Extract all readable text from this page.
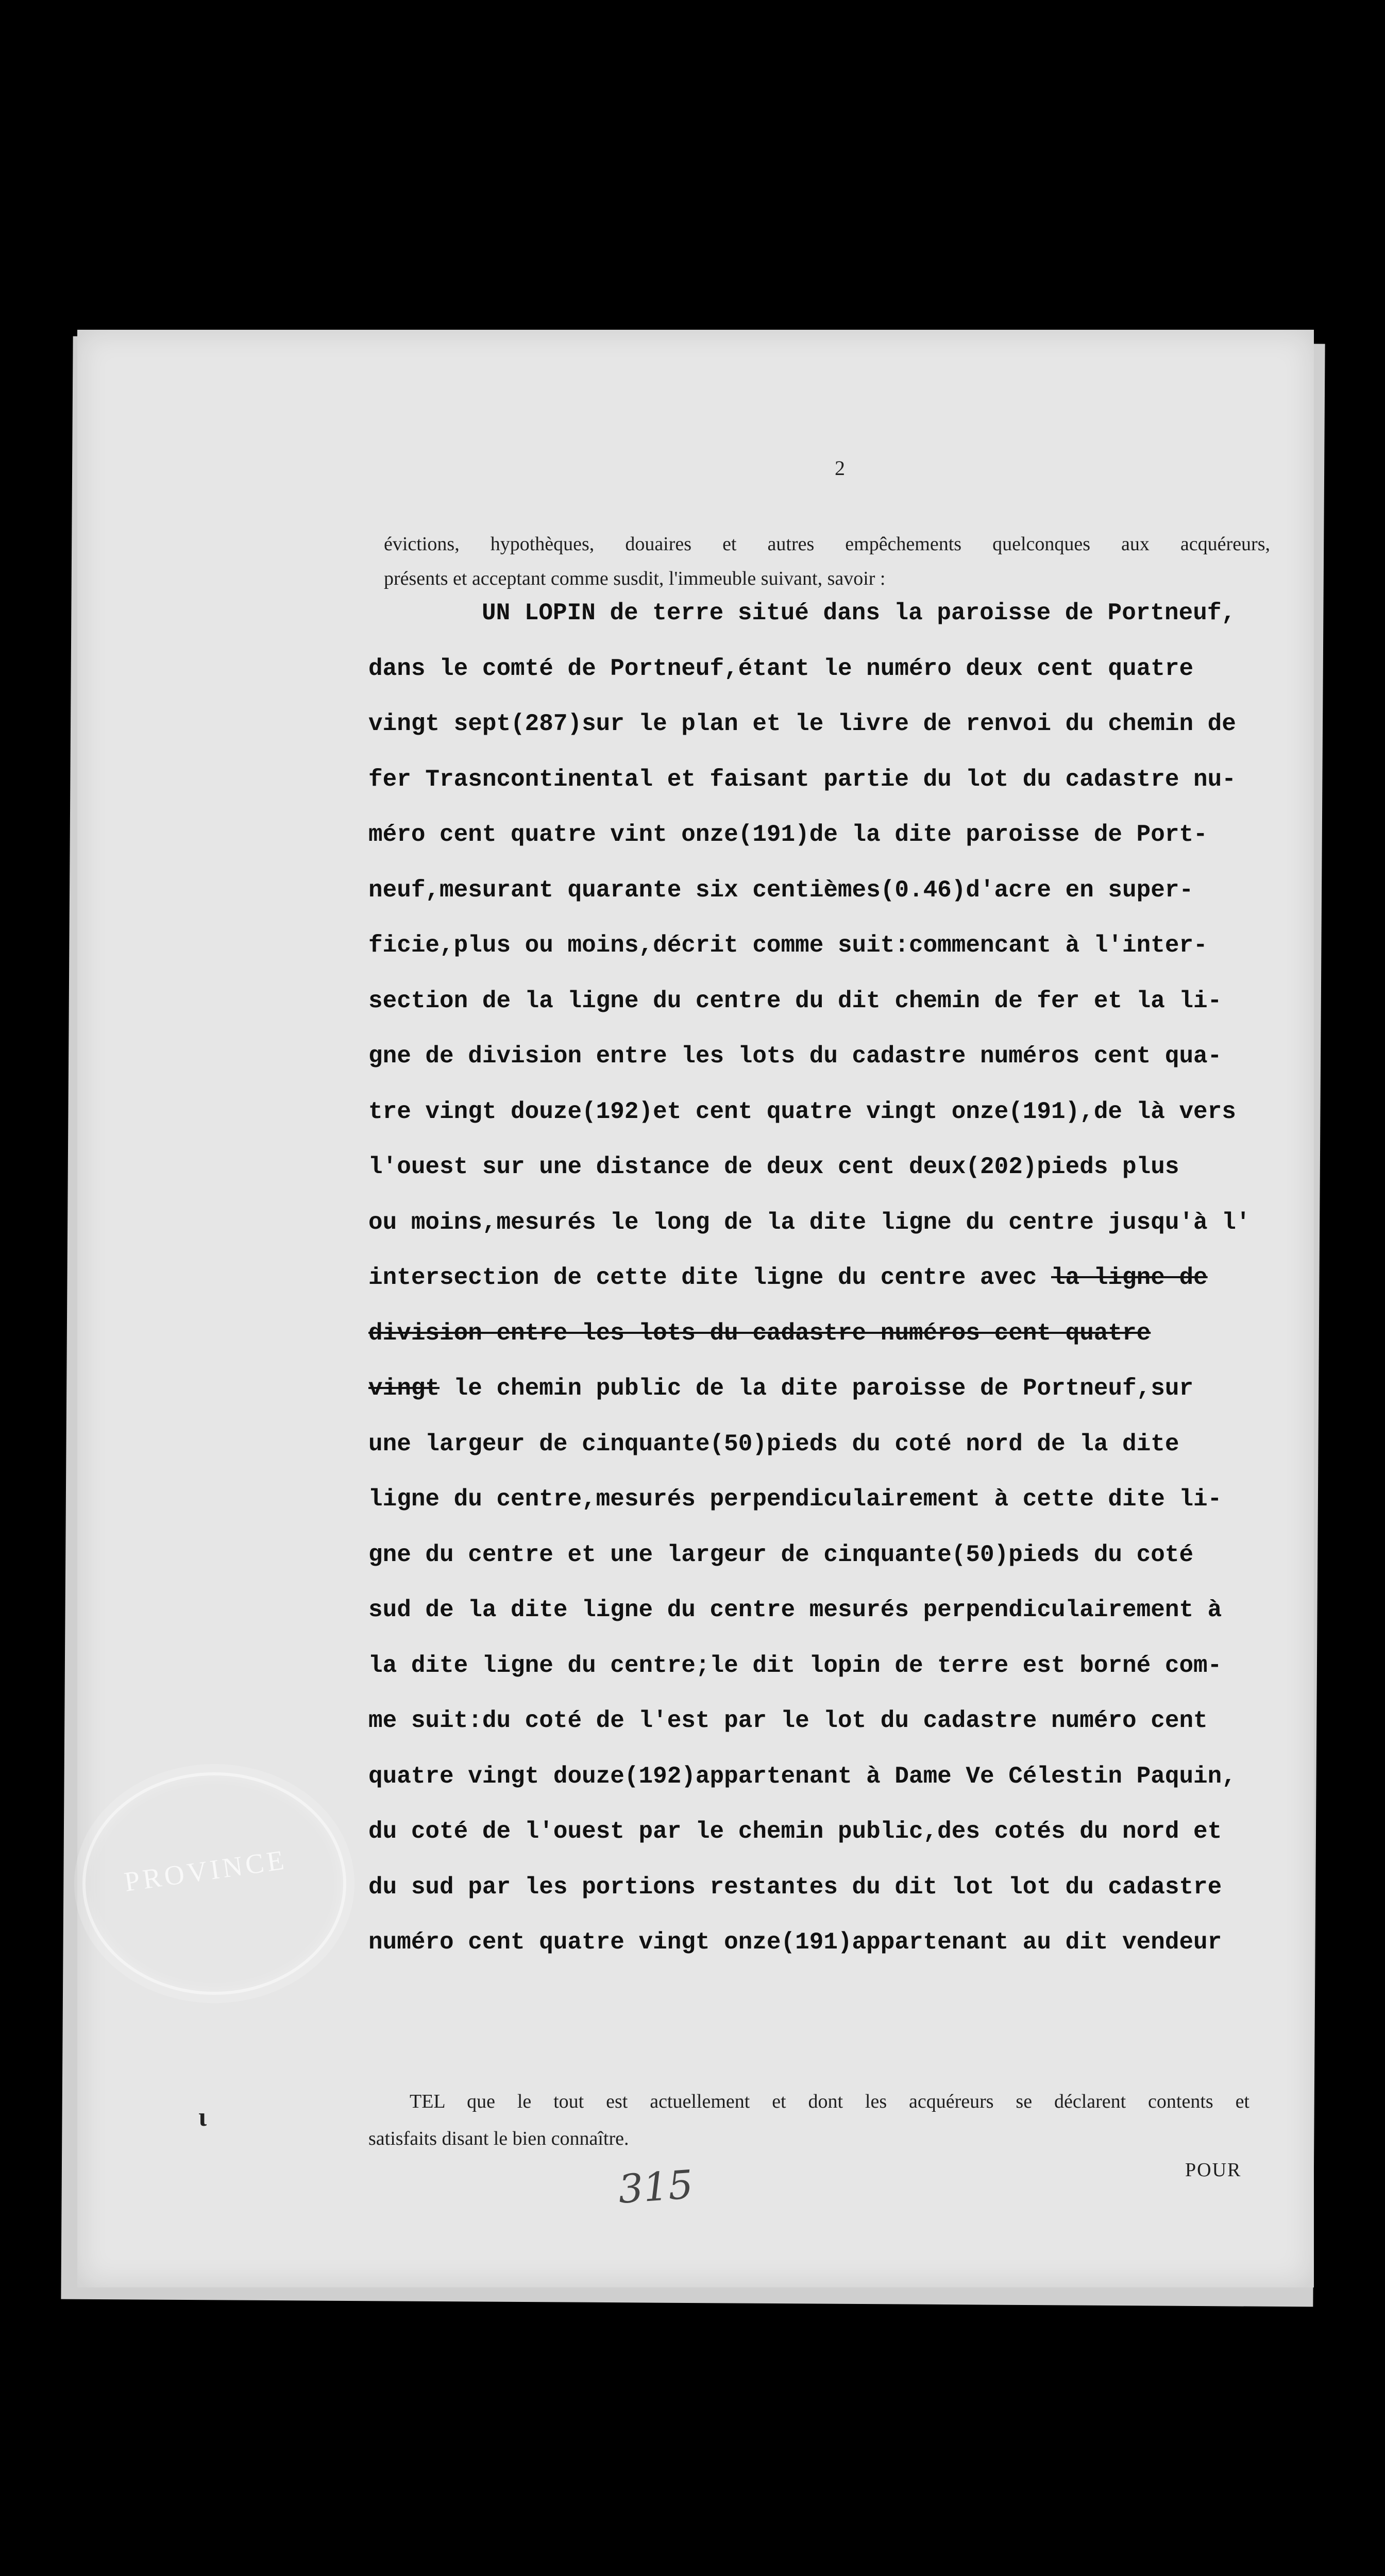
2
évictions, hypothèques, douaires et autres empêchements quelconques aux acquéreurs,
présents et acceptant comme susdit, l'immeuble suivant, savoir :
UN LOPIN de terre situé dans la paroisse de Portneuf,
dans le comté de Portneuf,étant le numéro deux cent quatre
vingt sept(287)sur le plan et le livre de renvoi du chemin de
fer Trasncontinental et faisant partie du lot du cadastre nu-
méro cent quatre vint onze(191)de la dite paroisse de Port-
neuf,mesurant quarante six centièmes(0.46)d'acre en super-
ficie,plus ou moins,décrit comme suit:commencant à l'inter-
section de la ligne du centre du dit chemin de fer et la li-
gne de division entre les lots du cadastre numéros cent qua-
tre vingt douze(192)et cent quatre vingt onze(191),de là vers
l'ouest sur une distance de deux cent deux(202)pieds plus
ou moins,mesurés le long de la dite ligne du centre jusqu'à l'
intersection de cette dite ligne du centre avec la ligne de
division entre les lots du cadastre numéros cent quatre
vingt le chemin public de la dite paroisse de Portneuf,sur
une largeur de cinquante(50)pieds du coté nord de la dite
ligne du centre,mesurés perpendiculairement à cette dite li-
gne du centre et une largeur de cinquante(50)pieds du coté
sud de la dite ligne du centre mesurés perpendiculairement à
la dite ligne du centre;le dit lopin de terre est borné com-
me suit:du coté de l'est par le lot du cadastre numéro cent
quatre vingt douze(192)appartenant à Dame Ve Célestin Paquin,
du coté de l'ouest par le chemin public,des cotés du nord et
du sud par les portions restantes du dit lot lot du cadastre
numéro cent quatre vingt onze(191)appartenant au dit vendeur
PROVINCE
ɩ
TEL que le tout est actuellement et dont les acquéreurs se déclarent contents et
satisfaits disant le bien connaître.
315	POUR
